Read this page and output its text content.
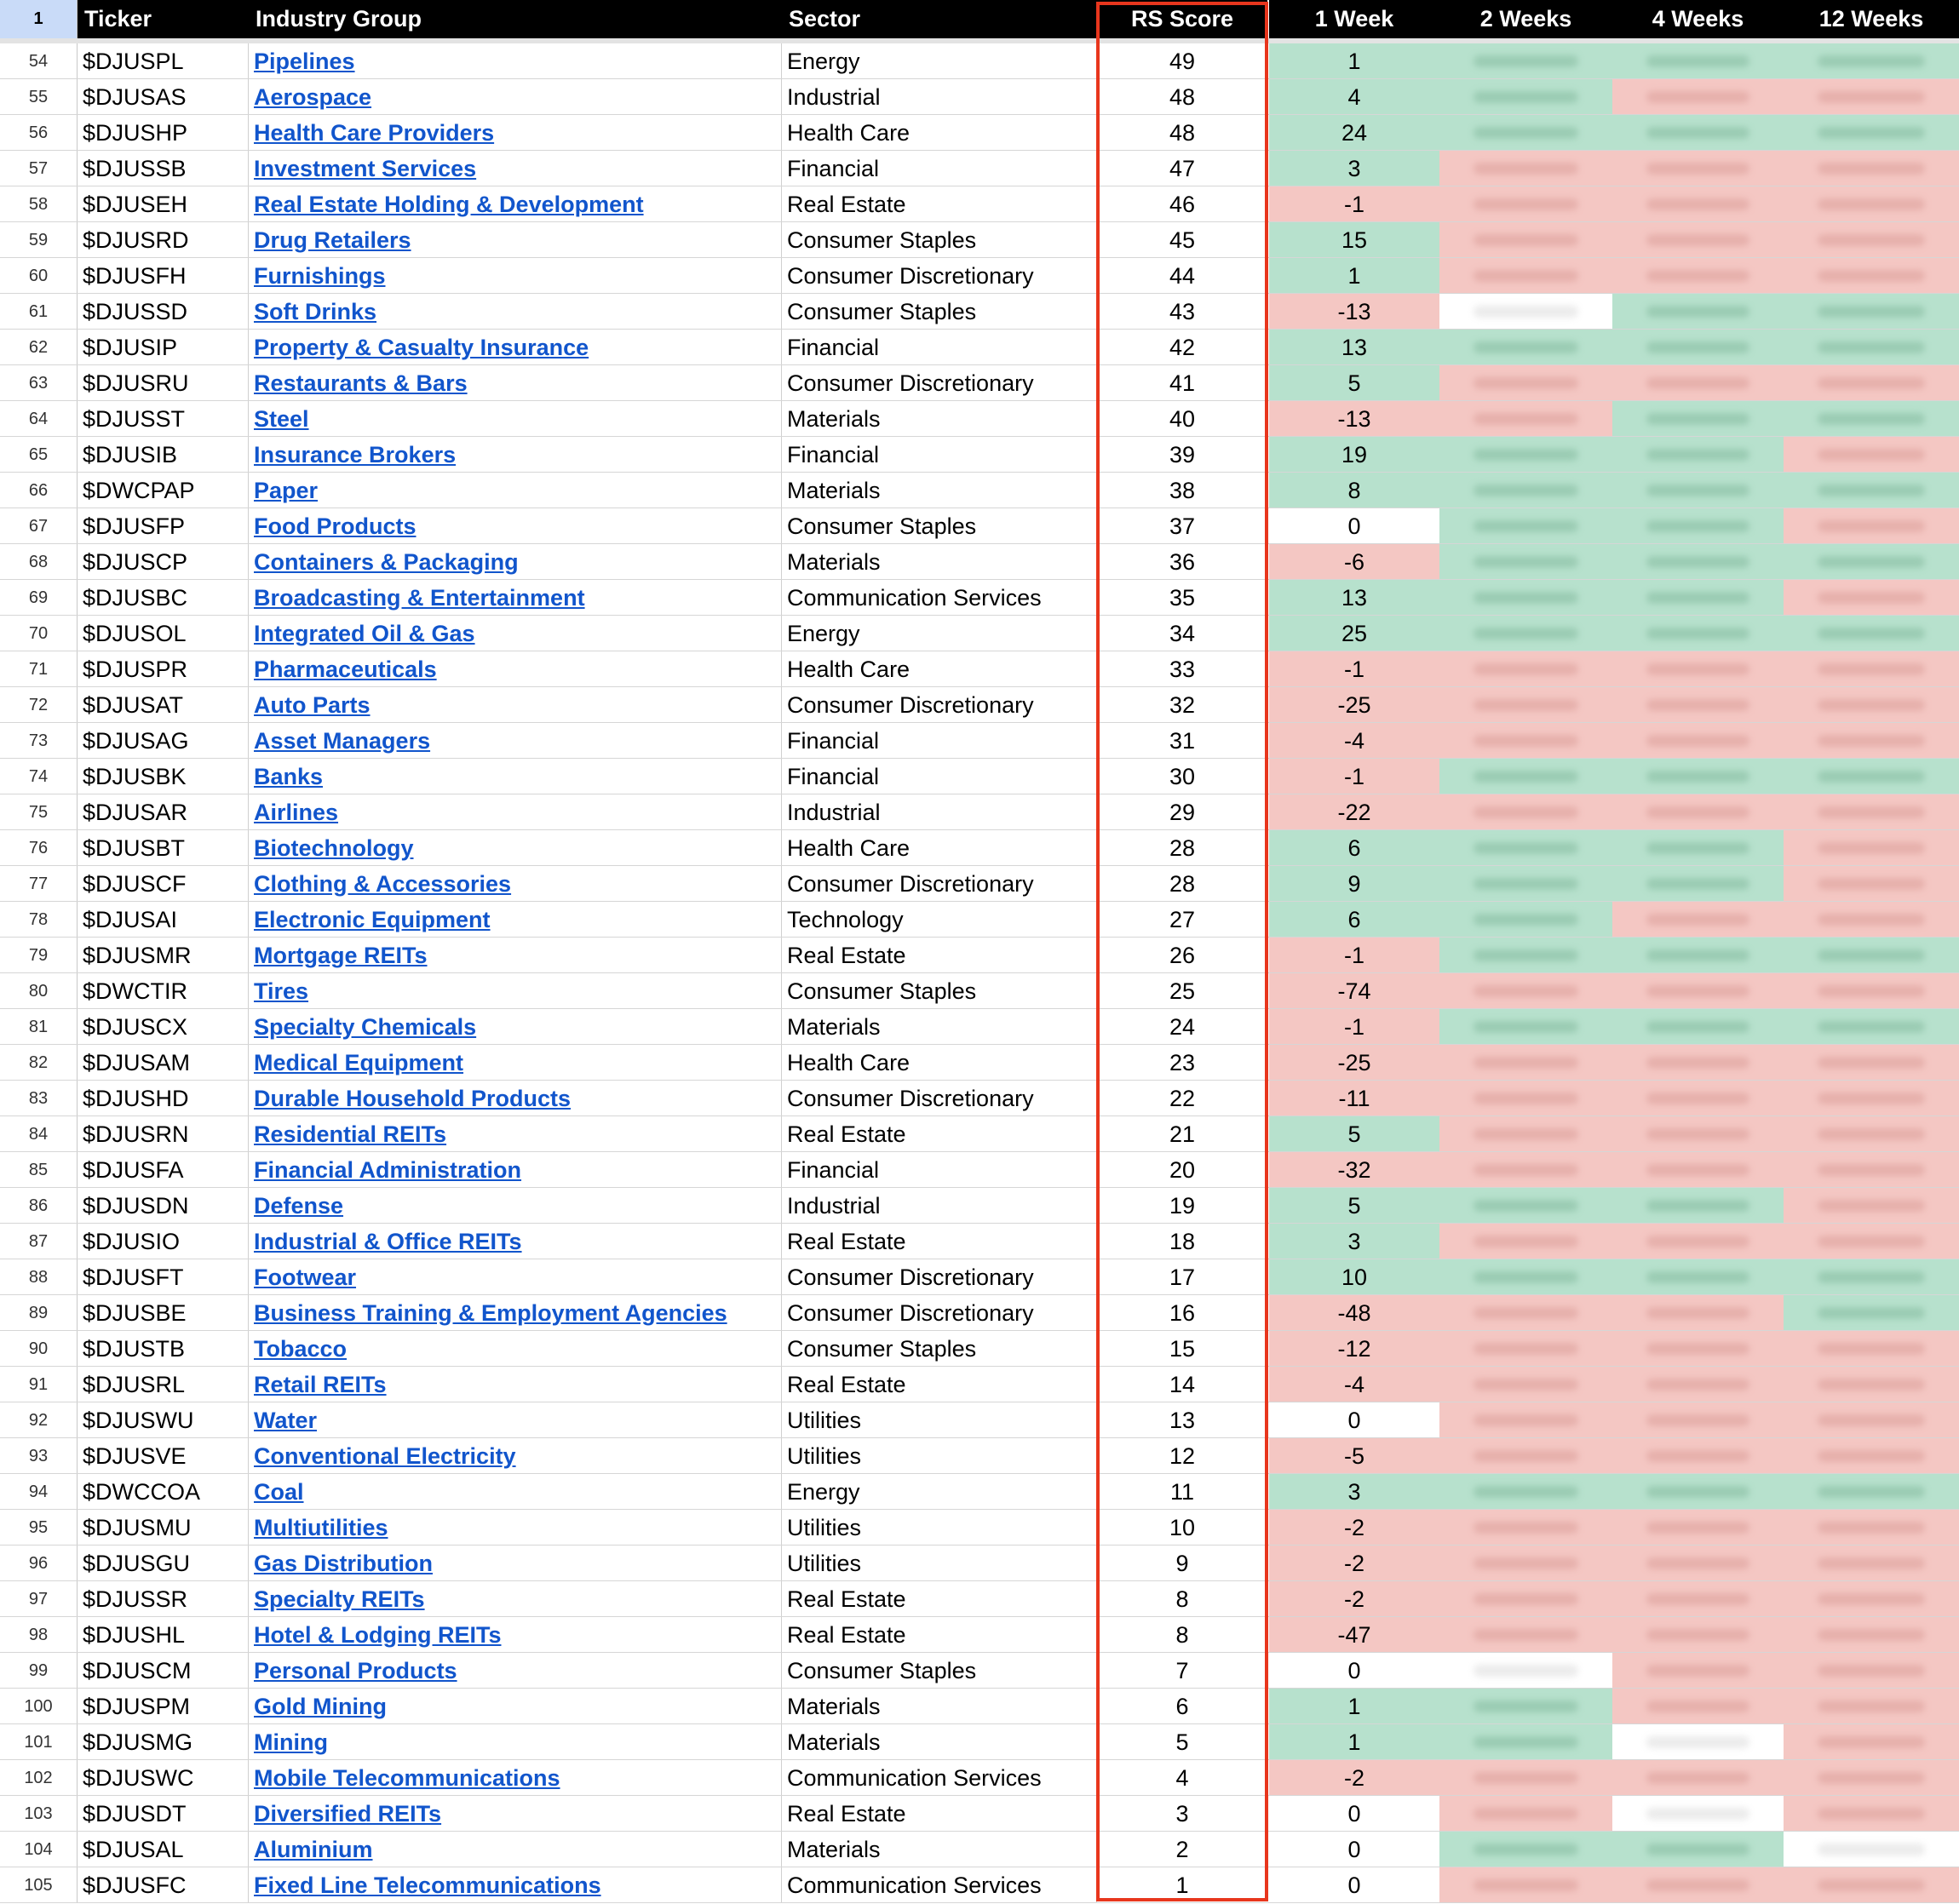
1	Ticker	Industry Group	Sector	RS Score	1 Week	2 Weeks	4 Weeks	12 Weeks
54	$DJUSPL	Pipelines	Energy	49	1
55	$DJUSAS	Aerospace	Industrial	48	4
56	$DJUSHP	Health Care Providers	Health Care	48	24
57	$DJUSSB	Investment Services	Financial	47	3
58	$DJUSEH	Real Estate Holding & Development	Real Estate	46	-1
59	$DJUSRD	Drug Retailers	Consumer Staples	45	15
60	$DJUSFH	Furnishings	Consumer Discretionary	44	1
61	$DJUSSD	Soft Drinks	Consumer Staples	43	-13
62	$DJUSIP	Property & Casualty Insurance	Financial	42	13
63	$DJUSRU	Restaurants & Bars	Consumer Discretionary	41	5
64	$DJUSST	Steel	Materials	40	-13
65	$DJUSIB	Insurance Brokers	Financial	39	19
66	$DWCPAP	Paper	Materials	38	8
67	$DJUSFP	Food Products	Consumer Staples	37	0
68	$DJUSCP	Containers & Packaging	Materials	36	-6
69	$DJUSBC	Broadcasting & Entertainment	Communication Services	35	13
70	$DJUSOL	Integrated Oil & Gas	Energy	34	25
71	$DJUSPR	Pharmaceuticals	Health Care	33	-1
72	$DJUSAT	Auto Parts	Consumer Discretionary	32	-25
73	$DJUSAG	Asset Managers	Financial	31	-4
74	$DJUSBK	Banks	Financial	30	-1
75	$DJUSAR	Airlines	Industrial	29	-22
76	$DJUSBT	Biotechnology	Health Care	28	6
77	$DJUSCF	Clothing & Accessories	Consumer Discretionary	28	9
78	$DJUSAI	Electronic Equipment	Technology	27	6
79	$DJUSMR	Mortgage REITs	Real Estate	26	-1
80	$DWCTIR	Tires	Consumer Staples	25	-74
81	$DJUSCX	Specialty Chemicals	Materials	24	-1
82	$DJUSAM	Medical Equipment	Health Care	23	-25
83	$DJUSHD	Durable Household Products	Consumer Discretionary	22	-11
84	$DJUSRN	Residential REITs	Real Estate	21	5
85	$DJUSFA	Financial Administration	Financial	20	-32
86	$DJUSDN	Defense	Industrial	19	5
87	$DJUSIO	Industrial & Office REITs	Real Estate	18	3
88	$DJUSFT	Footwear	Consumer Discretionary	17	10
89	$DJUSBE	Business Training & Employment Agencies	Consumer Discretionary	16	-48
90	$DJUSTB	Tobacco	Consumer Staples	15	-12
91	$DJUSRL	Retail REITs	Real Estate	14	-4
92	$DJUSWU	Water	Utilities	13	0
93	$DJUSVE	Conventional Electricity	Utilities	12	-5
94	$DWCCOA	Coal	Energy	11	3
95	$DJUSMU	Multiutilities	Utilities	10	-2
96	$DJUSGU	Gas Distribution	Utilities	9	-2
97	$DJUSSR	Specialty REITs	Real Estate	8	-2
98	$DJUSHL	Hotel & Lodging REITs	Real Estate	8	-47
99	$DJUSCM	Personal Products	Consumer Staples	7	0
100	$DJUSPM	Gold Mining	Materials	6	1
101	$DJUSMG	Mining	Materials	5	1
102	$DJUSWC	Mobile Telecommunications	Communication Services	4	-2
103	$DJUSDT	Diversified REITs	Real Estate	3	0
104	$DJUSAL	Aluminium	Materials	2	0
105	$DJUSFC	Fixed Line Telecommunications	Communication Services	1	0
